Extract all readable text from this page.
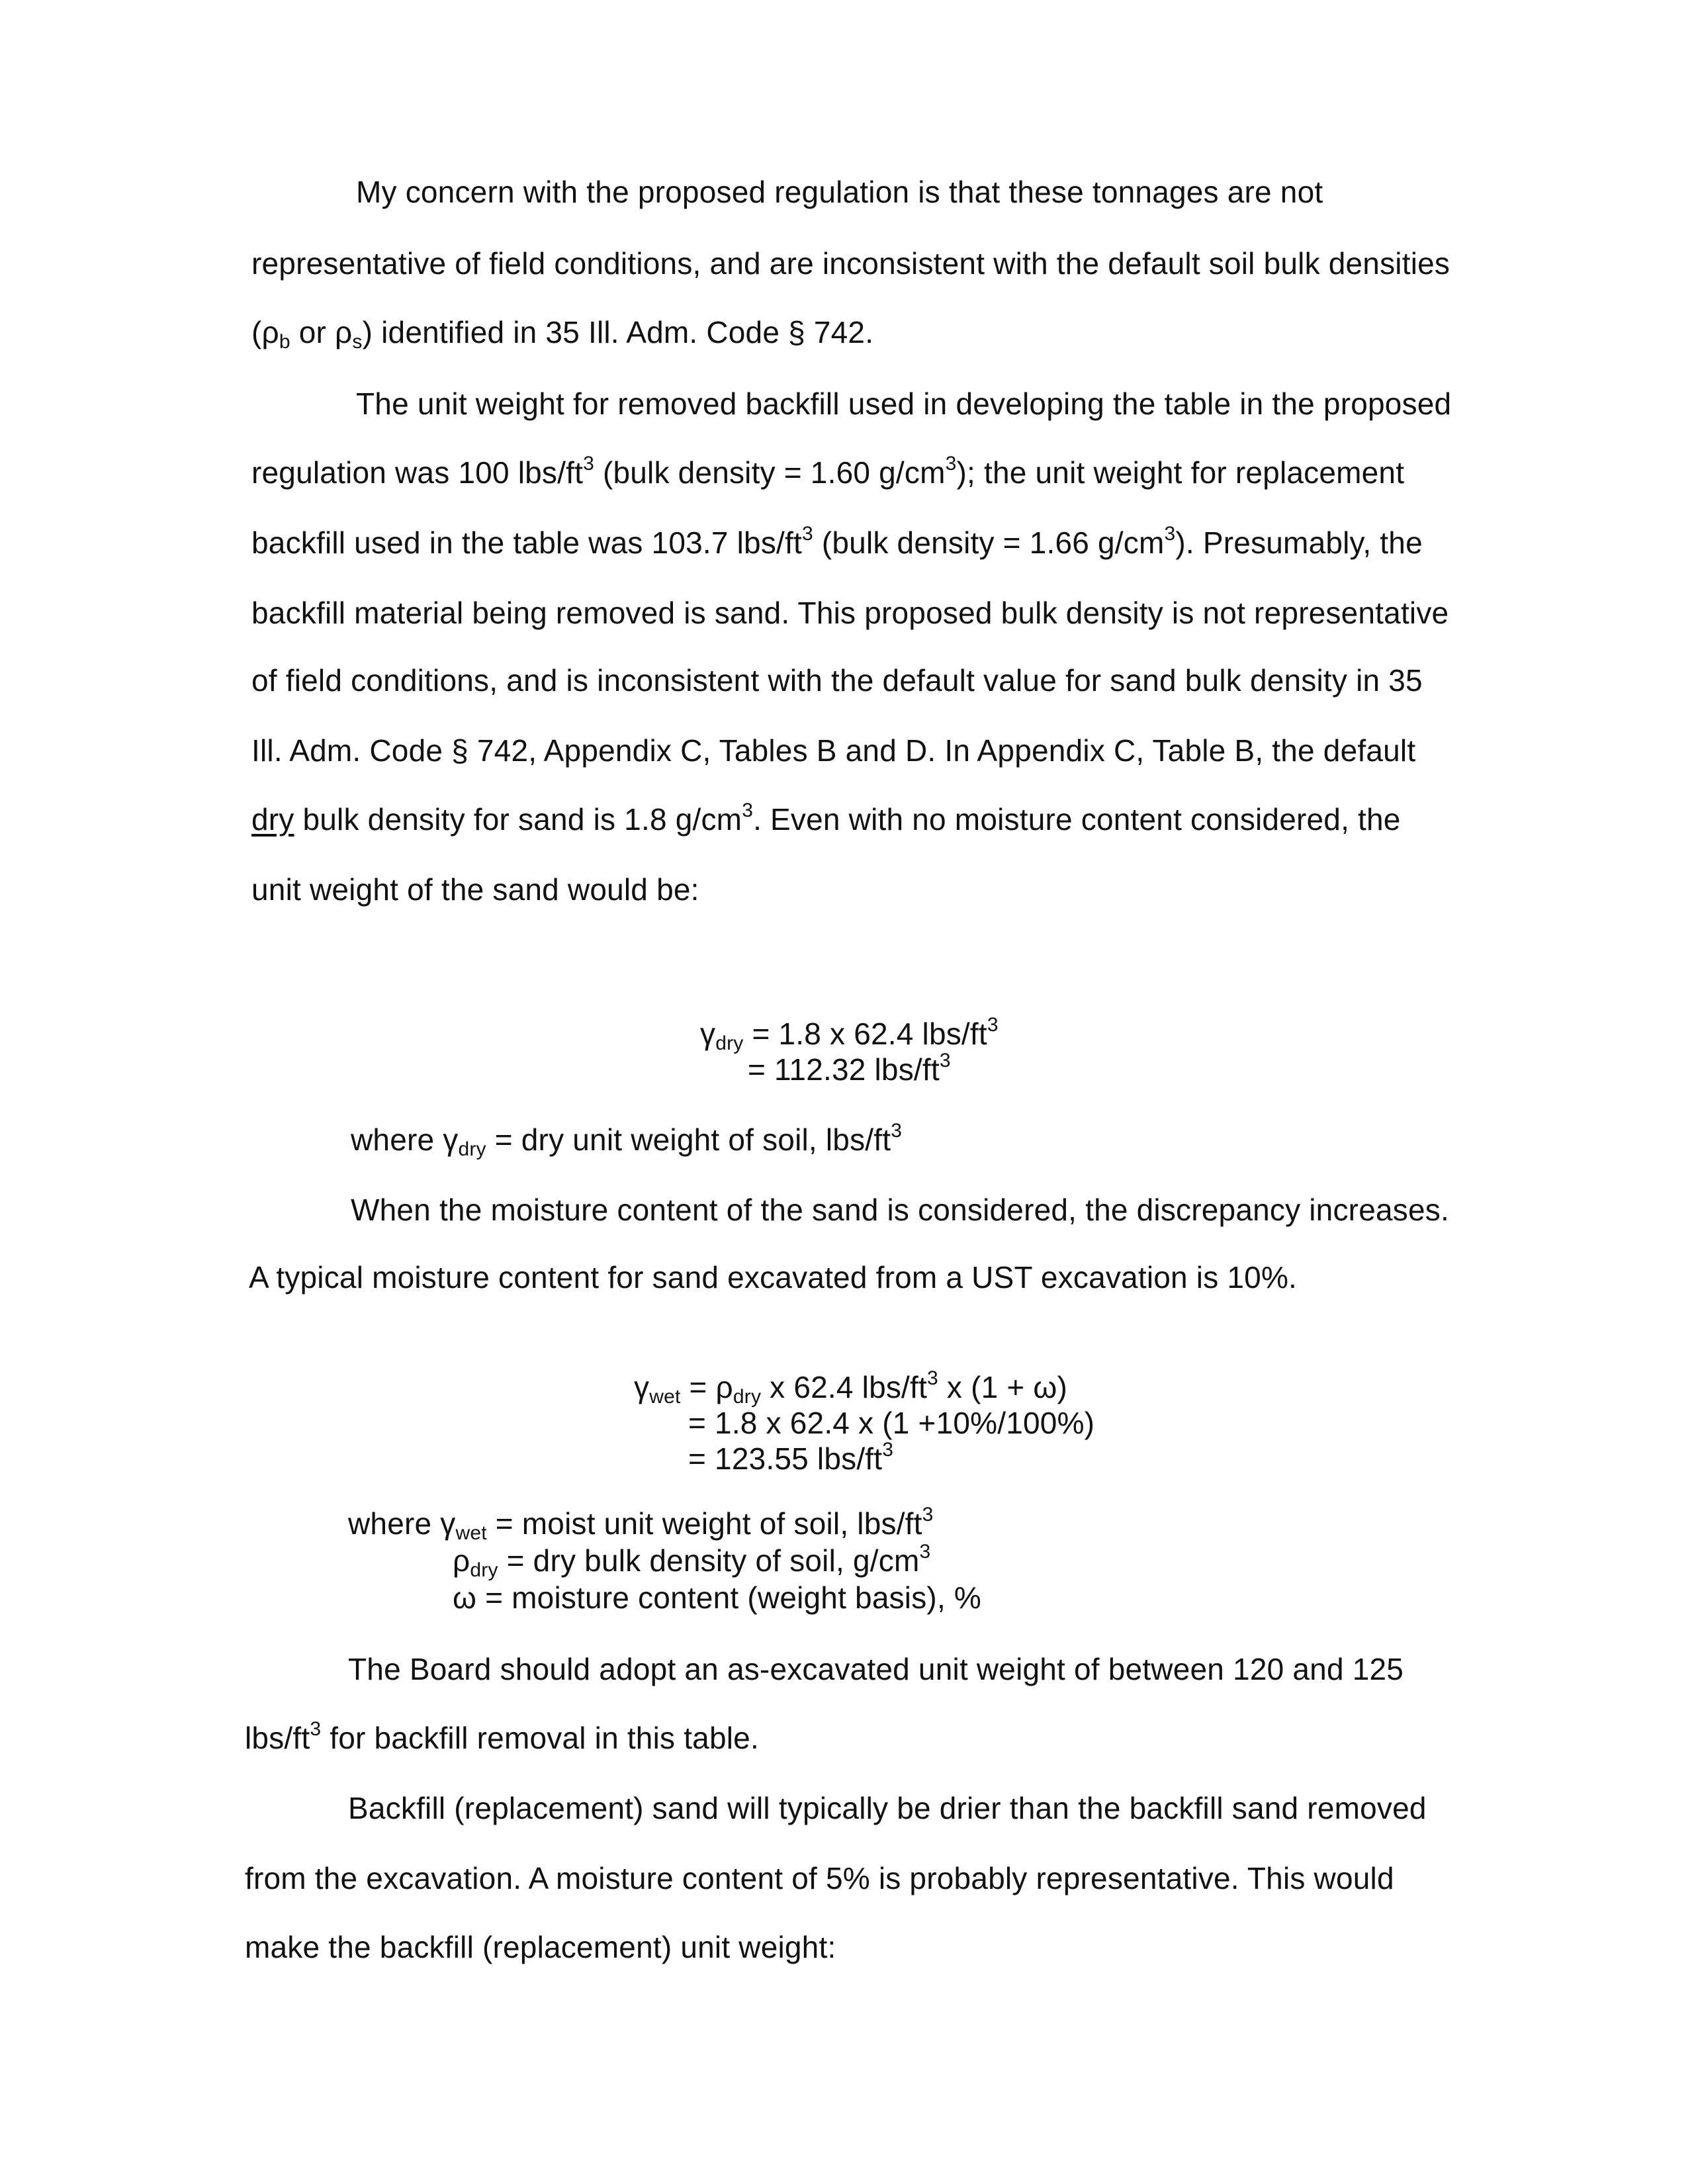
My concern with the proposed regulation is that these tonnages are not
representative of field conditions, and are inconsistent with the default soil bulk densities
($\rho_b$ or $\rho_s$) identified in 35 Ill. Adm. Code § 742.
The unit weight for removed backfill used in developing the table in the proposed
regulation was 100 lbs/$ft^3$ (bulk density = 1.60 $g/cm^3$); the unit weight for replacement
backfill used in the table was 103.7 lbs/$ft^3$ (bulk density = 1.66 $g/cm^3$). Presumably, the
backfill material being removed is sand. This proposed bulk density is not representative
of field conditions, and is inconsistent with the default value for sand bulk density in 35
Ill. Adm. Code § 742, Appendix C, Tables B and D. In Appendix C, Table B, the default
dry bulk density for sand is 1.8 $g/cm^3$. Even with no moisture content considered, the
unit weight of the sand would be:
$\gamma_{dry} = 1.8$ x 62.4 lbs/$ft^3$
= 112.32 lbs/$ft^3$
where $\gamma_{dry}$ = dry unit weight of soil, lbs/$ft^3$
When the moisture content of the sand is considered, the discrepancy increases.
A typical moisture content for sand excavated from a UST excavation is 10%.
$\gamma_{wet} = \rho_{dry}$ x 62.4 lbs/$ft^3$ x (1 + ω)
= 1.8 x 62.4 x (1 +10%/100%)
= 123.55 lbs/$ft^3$
where $\gamma_{wet}$ = moist unit weight of soil, lbs/$ft^3$
$\rho_{dry}$ = dry bulk density of soil, $g/cm^3$
ω = moisture content (weight basis), %
The Board should adopt an as-excavated unit weight of between 120 and 125
lbs/$ft^3$ for backfill removal in this table.
Backfill (replacement) sand will typically be drier than the backfill sand removed
from the excavation. A moisture content of 5% is probably representative. This would
make the backfill (replacement) unit weight:
